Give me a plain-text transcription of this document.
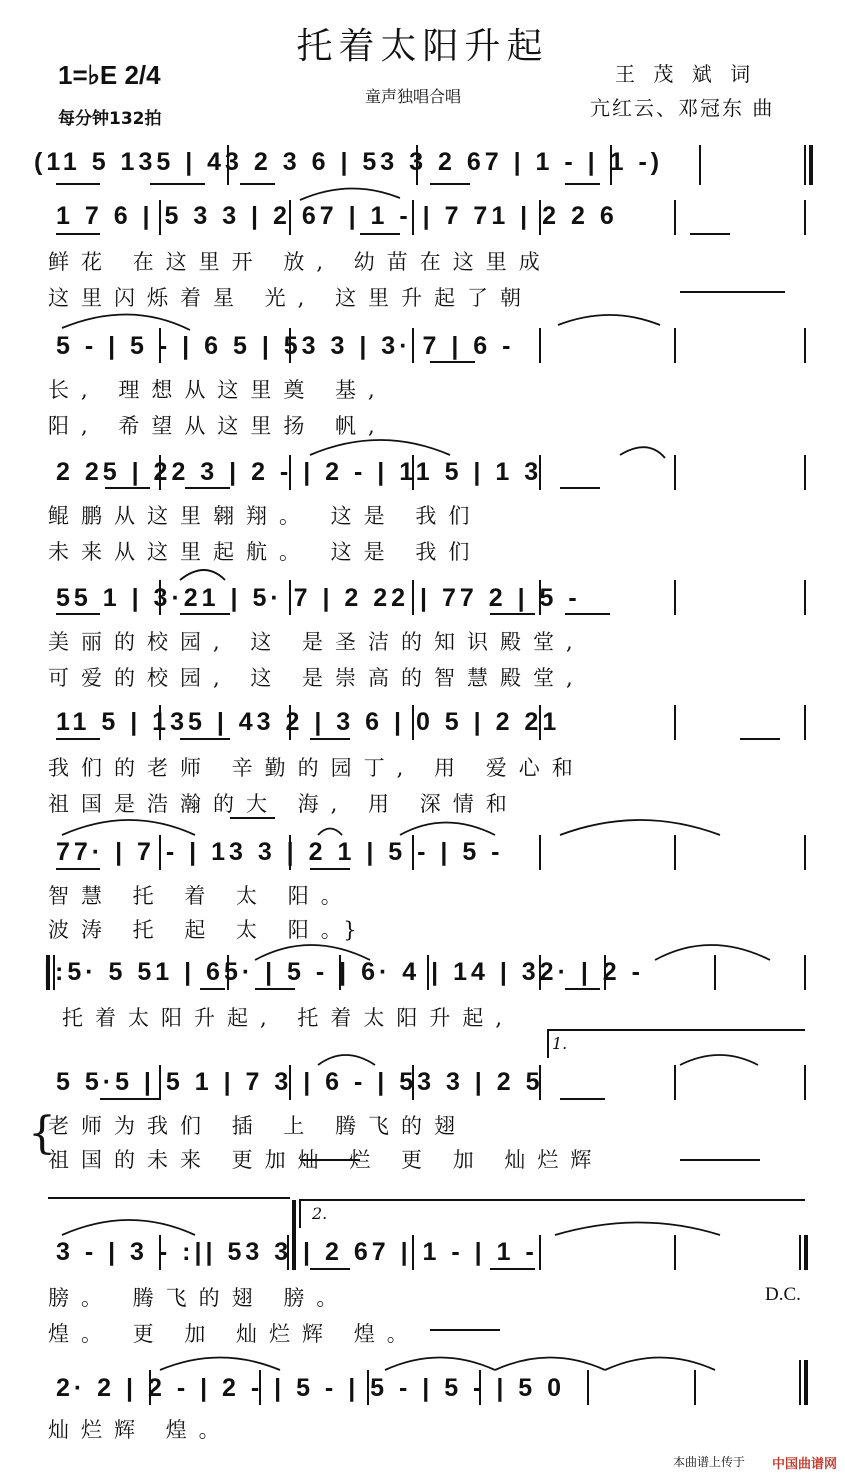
托着太阳升起
1=♭E 2/4
每分钟132拍
童声独唱合唱
王 茂 斌 词
亢红云、邓冠东 曲
(11 5 135 | 43 2 3 6 | 53 3 2 67 | 1 - | 1 -)
1 7 6 | 5 3 3 | 2 67 | 1 - | 7 71 | 2 2 6
鲜花 在这里开 放, 幼苗在这里成
这里闪烁着星 光, 这里升起了朝
5 - | 5 - | 6 5 | 53 3 | 3· 7 | 6 -
长, 理想从这里奠 基,
阳, 希望从这里扬 帆,
2 25 | 22 3 | 2 - | 2 - | 11 5 | 1 3
鲲鹏从这里翱翔。 这是 我们
未来从这里起航。 这是 我们
55 1 | 3·21 | 5· 7 | 2 22 | 77 2 | 5 -
美丽的校园, 这 是圣洁的知识殿堂,
可爱的校园, 这 是崇高的智慧殿堂,
11 5 | 135 | 43 2 | 3 6 | 0 5 | 2 21
我们的老师 辛勤的园丁, 用 爱心和
祖国是浩瀚的大 海, 用 深情和
77· | 7 - | 13 3 | 2 1 | 5 - | 5 -
智慧 托 着 太 阳。
波涛 托 起 太 阳。}
|:5· 5 51 | 65· | 5 - | 6· 4 | 14 | 32· | 2 -
托着太阳升起, 托着太阳升起,
1.
5 5·5 | 5 1 | 7 3 | 6 - | 53 3 | 2 5
{
老师为我们 插 上 腾飞的翅
祖国的未来 更加灿 烂 更 加 灿烂辉
2.
3 - | 3 - :|| 53 3 | 2 67 | 1 - | 1 -
膀。 腾飞的翅 膀。
煌。 更 加 灿烂辉 煌。
D.C.
2· 2 | 2 - | 2 - | 5 - | 5 - | 5 - | 5 0
灿烂辉 煌。
本曲谱上传于 中国曲谱网
